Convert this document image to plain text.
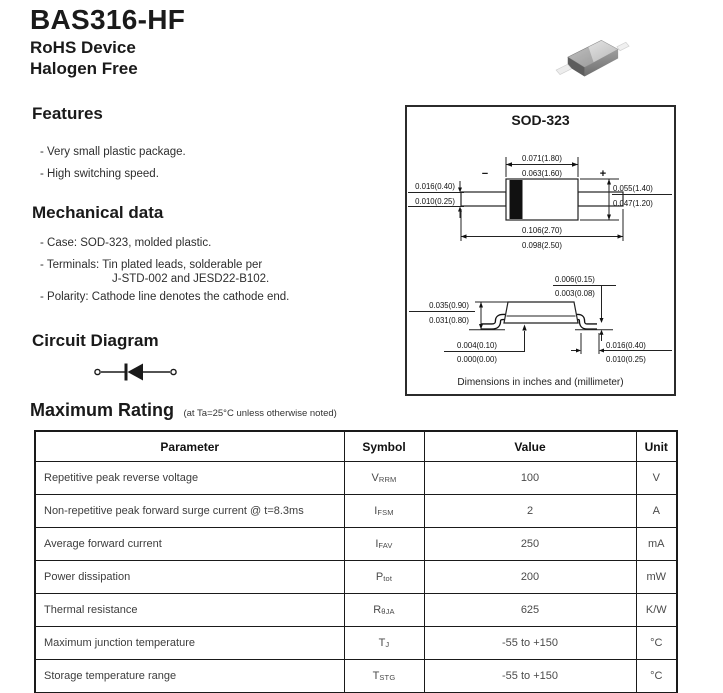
BAS316-HF
RoHS Device
Halogen Free
Features
- Very small plastic package.
- High switching speed.
Mechanical data
- Case: SOD-323, molded plastic.
- Terminals: Tin plated leads, solderable per
J-STD-002 and JESD22-B102.
- Polarity: Cathode line denotes the cathode end.
Circuit Diagram
SOD-323
0.071(1.80)
0.063(1.60)
−	+
0.016(0.40)
0.010(0.25)
0.055(1.40)
0.047(1.20)
0.106(2.70)
0.098(2.50)
0.035(0.90)
0.031(0.80)
0.006(0.15)
0.003(0.08)
0.004(0.10)
0.000(0.00)
0.016(0.40)
0.010(0.25)
Dimensions in inches and (millimeter)
Maximum Rating (at Ta=25°C unless otherwise noted)
Parameter	Symbol	Value	Unit
Repetitive peak reverse voltage	VRRM	100	V
Non-repetitive peak forward surge current @ t=8.3ms	IFSM	2	A
Average forward current	IFAV	250	mA
Power dissipation	Ptot	200	mW
Thermal resistance	RθJA	625	K/W
Maximum junction temperature	TJ	-55 to +150	°C
Storage temperature range	TSTG	-55 to +150	°C
